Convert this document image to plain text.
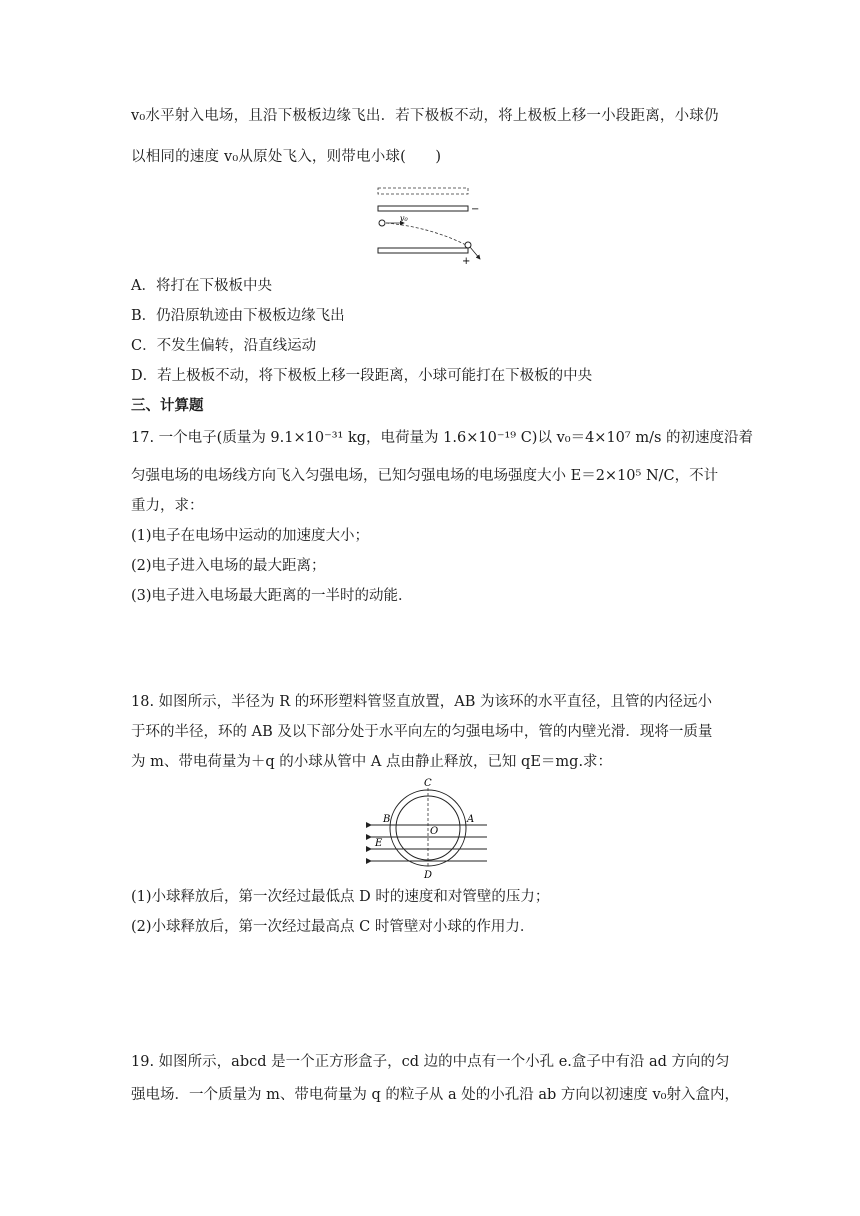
v₀水平射入电场，且沿下极板边缘飞出．若下极板不动，将上极板上移一小段距离，小球仍
以相同的速度 v₀从原处飞入，则带电小球(　　)
−
v₀
+
A．将打在下极板中央
B．仍沿原轨迹由下极板边缘飞出
C．不发生偏转，沿直线运动
D．若上极板不动，将下极板上移一段距离，小球可能打在下极板的中央
三、计算题
17. 一个电子(质量为 9.1×10⁻³¹ kg，电荷量为 1.6×10⁻¹⁹ C)以 v₀＝4×10⁷ m/s 的初速度沿着
匀强电场的电场线方向飞入匀强电场，已知匀强电场的电场强度大小 E＝2×10⁵ N/C，不计
重力，求：
(1)电子在电场中运动的加速度大小；
(2)电子进入电场的最大距离；
(3)电子进入电场最大距离的一半时的动能．
18. 如图所示，半径为 R 的环形塑料管竖直放置，AB 为该环的水平直径，且管的内径远小
于环的半径，环的 AB 及以下部分处于水平向左的匀强电场中，管的内壁光滑．现将一质量
为 m、带电荷量为＋q 的小球从管中 A 点由静止释放，已知 qE＝mg.求：
C
B	A
O
E
D
(1)小球释放后，第一次经过最低点 D 时的速度和对管壁的压力；
(2)小球释放后，第一次经过最高点 C 时管壁对小球的作用力．
19. 如图所示，abcd 是一个正方形盒子，cd 边的中点有一个小孔 e.盒子中有沿 ad 方向的匀
强电场．一个质量为 m、带电荷量为 q 的粒子从 a 处的小孔沿 ab 方向以初速度 v₀射入盒内，
